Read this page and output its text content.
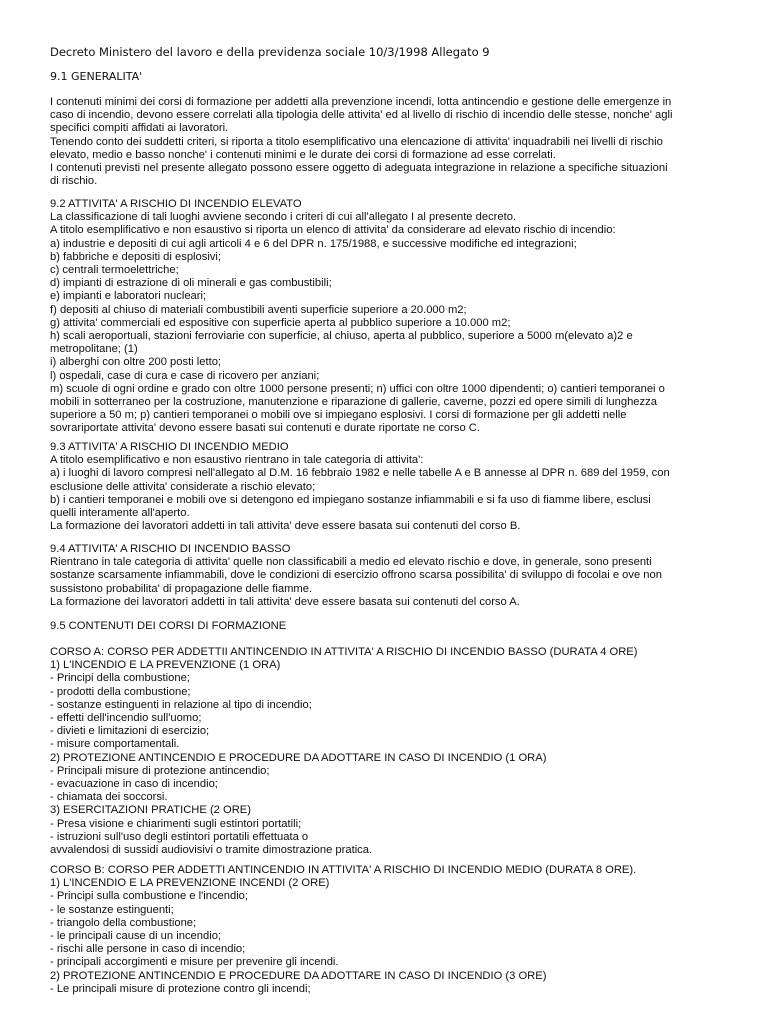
Decreto Ministero del lavoro e della previdenza sociale 10/3/1998 Allegato 9
9.1 GENERALITA'

I contenuti minimi dei corsi di formazione per addetti alla prevenzione incendi, lotta antincendio e gestione delle emergenze in
caso di incendio, devono essere correlati alla tipologia delle attivita' ed al livello di rischio di incendio delle stesse, nonche' agli
specifici compiti affidati ai lavoratori.
Tenendo conto dei suddetti criteri, si riporta a titolo esemplificativo una elencazione di attivita' inquadrabili nei livelli di rischio
elevato, medio e basso nonche' i contenuti minimi e le durate dei corsi di formazione ad esse correlati.
I contenuti previsti nel presente allegato possono essere oggetto di adeguata integrazione in relazione a specifiche situazioni
di rischio.

9.2 ATTIVITA' A RISCHIO DI INCENDIO ELEVATO
La classificazione di tali luoghi avviene secondo i criteri di cui all'allegato I al presente decreto.
A titolo esemplificativo e non esaustivo si riporta un elenco di attivita' da considerare ad elevato rischio di incendio:
a) industrie e depositi di cui agli articoli 4 e 6 del DPR n. 175/1988, e successive modifiche ed integrazioni;
b) fabbriche e depositi di esplosivi;
c) centrali termoelettriche;
d) impianti di estrazione di oli minerali e gas combustibili;
e) impianti e laboratori nucleari;
f) depositi al chiuso di materiali combustibili aventi superficie superiore a 20.000 m2;
g) attivita' commerciali ed espositive con superficie aperta al pubblico superiore a 10.000 m2;
h) scali aeroportuali, stazioni ferroviarie con superficie, al chiuso, aperta al pubblico, superiore a 5000 m(elevato a)2 e
metropolitane; (1)
i) alberghi con oltre 200 posti letto;
l) ospedali, case di cura e case di ricovero per anziani;
m) scuole di ogni ordine e grado con oltre 1000 persone presenti; n) uffici con oltre 1000 dipendenti; o) cantieri temporanei o
mobili in sotterraneo per la costruzione, manutenzione e riparazione di gallerie, caverne, pozzi ed opere simili di lunghezza
superiore a 50 m; p) cantieri temporanei o mobili ove si impiegano esplosivi. I corsi di formazione per gli addetti nelle
sovrariportate attivita' devono essere basati sui contenuti e durate riportate ne corso C.

9.3 ATTIVITA' A RISCHIO DI INCENDIO MEDIO
A titolo esemplificativo e non esaustivo rientrano in tale categoria di attivita':
a) i luoghi di lavoro compresi nell'allegato al D.M. 16 febbraio 1982 e nelle tabelle A e B annesse al DPR n. 689 del 1959, con
esclusione delle attivita' considerate a rischio elevato;
b) i cantieri temporanei e mobili ove si detengono ed impiegano sostanze infiammabili e si fa uso di fiamme libere, esclusi
quelli interamente all'aperto.
La formazione dei lavoratori addetti in tali attivita' deve essere basata sui contenuti del corso B.

9.4 ATTIVITA' A RISCHIO DI INCENDIO BASSO
Rientrano in tale categoria di attivita' quelle non classificabili a medio ed elevato rischio e dove, in generale, sono presenti
sostanze scarsamente infiammabili, dove le condizioni di esercizio offrono scarsa possibilita' di sviluppo di focolai e ove non
sussistono probabilita' di propagazione delle fiamme.
La formazione dei lavoratori addetti in tali attivita' deve essere basata sui contenuti del corso A.

9.5 CONTENUTI DEI CORSI DI FORMAZIONE

CORSO A: CORSO PER ADDETTII ANTINCENDIO IN ATTIVITA' A RISCHIO DI INCENDIO BASSO (DURATA 4 ORE)
1) L'INCENDIO E LA PREVENZIONE (1 ORA)
- Principi della combustione;
- prodotti della combustione;
- sostanze estinguenti in relazione al tipo di incendio;
- effetti dell'incendio sull'uomo;
- divieti e limitazioni di esercizio;
- misure comportamentali.
2) PROTEZIONE ANTINCENDIO E PROCEDURE DA ADOTTARE IN CASO DI INCENDIO (1 ORA)
- Principali misure di protezione antincendio;
- evacuazione in caso di incendio;
- chiamata dei soccorsi.
3) ESERCITAZIONI PRATICHE (2 ORE)
- Presa visione e chiarimenti sugli estintori portatili;
- istruzioni sull'uso degli estintori portatili effettuata o
avvalendosi di sussidi audiovisivi o tramite dimostrazione pratica.

CORSO B: CORSO PER ADDETTI ANTINCENDIO IN ATTIVITA' A RISCHIO DI INCENDIO MEDIO (DURATA 8 ORE).
1) L'INCENDIO E LA PREVENZIONE INCENDI (2 ORE)
- Principi sulla combustione e l'incendio;
- le sostanze estinguenti;
- triangolo della combustione;
- le principali cause di un incendio;
- rischi alle persone in caso di incendio;
- principali accorgimenti e misure per prevenire gli incendi.
2) PROTEZIONE ANTINCENDIO E PROCEDURE DA ADOTTARE IN CASO DI INCENDIO (3 ORE)
- Le principali misure di protezione contro gli incendi;
